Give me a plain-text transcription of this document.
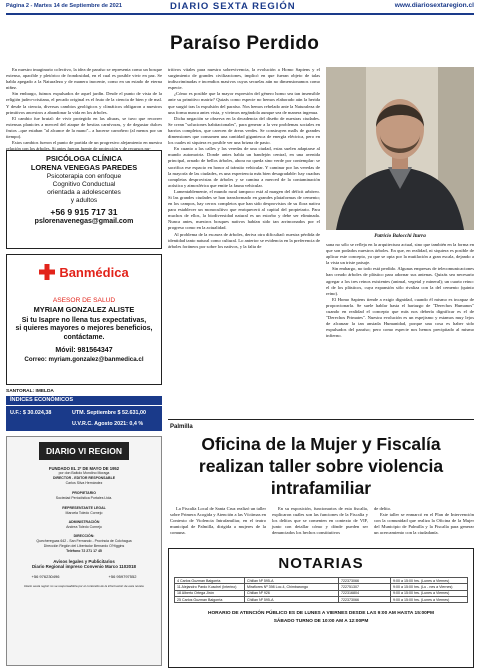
Página 2 - Martes 14 de Septiembre de 2021	DIARIO SEXTA REGIÓN	www.diariosextaregion.cl
Paraíso Perdido

En nuestro imaginario colectivo, la idea de paraíso se representa como un bosque extenso, apacible y pletórico de frondosidad, en el cual es posible vivir en paz. Se habla apegado a la Naturaleza y de manera inocente, como en un estado de eterna niñez.

Sin embargo, fuimos expulsados de aquel jardín. Desde el punto de vista de la religión judeo-cristiana, el pecado original es el fruto de la ciencia de bien y de mal. Y desde la ciencia, diversas cambios geológicos y climáticos obligaron a nuestros primitivos ancestros a abandonar la vida en los árboles.

El cambio fue brutal: de vivir protegido en las alturas, se tuvo que recorrer extensas planicies a merced del ataque de bestias carnívoras, y de degustar dulces frutos –que estaban "al alcance de la mano"– a hacerse carroñero (al menos por un tiempo).

Estos cambios fueron el punto de partida de un progresivo alejamiento en nuestra relación con los árboles. Si antes fueron fuente de protección y de recursos nu-

tritivos vitales para nuestra sobrevivencia, la evolución a Homo Sapiens y el surgimiento de grandes civilizaciones, implicó en que fueran objeto de talas indiscriminadas e incendios masivos cuyas secuelas aún no dimensionamos como especie.

¿Cómo es posible que la mayor expresión del género homo sea tan insensible ante su primitivo matriz? Quizás como especie no hemos elaborado aún la herida que surgió tras la expulsión del paraíso. Nos hemos rebelado ante la Naturaleza de una forma nunca antes vista, y vivimos negándola aunque sea de manera ingenua.

Dicha negación se observa en la decadencia del diseño de nuestras ciudades. Se crean "soluciones habitacionales", para generar a la vez problemas sociales en barrios completos, que carecen de áreas verdes. Se construyen malls de grandes dimensiones que consumen una cantidad gigantesca de energía eléctrica, pero en los cuales ni siquiera es posible ver una brizna de pasto.

En cuanto a las calles y las veredas de una ciudad, estas suelen adaptarse al mundo automotriz. Donde antes había un bandejón central, en una avenida principal, ornado de bellos árboles, ahora no queda sino verde por contemplar: se sacrifica ese espacio en honor al tránsito vehicular. Y caminar por las veredas de la mayoría de las ciudades, es una experiencia más bien desagradable: hay cuadras completas desprovistas de árboles y se camina a merced de la contaminación acústica y atmosférica que emite la fauna vehicular.

Lamentablemente, el mundo rural tampoco está al margen del déficit arbóreo. Si las grandes ciudades se han transformado en grandes plataformas de cemento; en los campos, hay cerros completos que han sido desprovistos de su flora nativa para establecer un monocultivo que enriquecerá al capital del propietario. Para muchos de ellos, la biodiversidad natural es un estorbo y debe ser eliminada. Nunca antes, nuestros bosques nativos habían sido tan arrinconados por el progreso como en la actualidad.

Al problema de la escasez de árboles, deriva otra dificultad: nuestra pérdida de identidad tanto natural como cultural. Lo anterior se evidencia en la preferencia de árboles foráneos por sobre los nativos, y la falta de

Patricio Balocchi Iturra

sana no sólo se refleja en la arquitectura actual, sino que también en la forma en que son podados nuestros árboles. En que, en realidad, ni siquiera es posible de aplicar este concepto, ya que se opta por la mutilación a gran escala, dejando a la vista un triste paisaje.

Sin embargo, no todo está perdido. Algunas empresas de telecomunicaciones han creado árboles de plástico para adornar sus antenas. Quizás sea necesario agregar a los tres reinos existentes (animal, vegetal y mineral); un cuarto reino: el de los plásticos, cuya expansión sólo rivaliza con la del cemento (quinto reino).

El Homo Sapiens tiende a exigir dignidad, cuando él mismo es incapaz de proporcionarla. Se suele hablar hasta el hartazgo de "Derechos Humanos" cuando en realidad el concepto que más nos debería dignificar es el de "Derechos Primates". Nuestra evolución es un espejismo y estamos muy lejos de alcanzar la tan ansiada Humanidad, porque una cosa es haber sido expulsados del paraíso; pero como especie nos hemos precipitado al mismo infierno.

PSICÓLOGA CLÍNICA
LORENA VENEGAS PAREDES
Psicoterapia con enfoque
Cognitivo Conductual
orientada a adolescentes
y adultos
+56 9 915 717 31
pslorenavenegas@gmail.com
Banmédica
ASESOR DE SALUD
MYRIAM GONZALEZ ALISTE
Si tu Isapre no llena tus expectativas,
si quieres mayores o mejores beneficios,
contáctame.
Móvil: 981564347
Correo: myriam.gonzalez@banmedica.cl
SANTORAL: IMELDA
ÍNDICES ECONÓMICOS
U.F.: $ 30.024,38	UTM. Septiembre $ 52.631,00
U.V.R.C. Agosto 2021: 0,4 %
DIARIO VI REGION
FUNDADO EL 2º DE MAYO DE 1952
por don Baltolo Mondino Moraga
DIRECTOR - EDITOR RESPONSABLE
Carlos Silva Hernández
PROPIETARIO
Sociedad Periodística Portales Ltda.
REPRESENTANTE LEGAL
Marcela Toledo Cornejo
ADMINISTRACIÓN
Andrea Toledo Cornejo
DIRECCIÓN:
Quechereguas 642 - San Fernando - Provincia de Colchagua
Dirección Región del Libertador Bernardo O'Higgins
Teléfono 72 271 17 45
Avisos legales y Publicitarios
Diario Regional impreso Convenio Marco 1102018
+56 976230496	+56 959797552
Diario sexta región no se responsabiliza por el contenido de la información de esta revista
Palmilla
Oficina de la Mujer y Fiscalía
realizan taller sobre violencia
intrafamiliar

La Fiscalía Local de Santa Cruz realizó un taller sobre Primera Acogida y Atención a las Víctimas en Contexto de Violencia Intrafamiliar, en el teatro municipal de Palmilla, dirigida a mujeres de la comuna.

En su exposición, funcionarios de esta fiscalía, explicaron cuáles son las funciones de la Fiscalía y los delitos que se comenten en contexto de VIF, junto con detallar cómo y dónde pueden ser denunciados los hechos constitutivos

de delito.

Este taller se enmarcó en el Plan de Intervención con la comunidad que realiza la Oficina de la Mujer del Municipio de Palmilla y la Fiscalía para generar un acercamiento con la ciudadanía.

NOTARIAS
4 Carlos Guzman Baigorria	Chillan Nº 595-A	722373066	9:00 a 15:00 hrs. (Lunes a Viernes)
11 Alejandro Pardo Kuschel (Interino)	Miraflores Nº 398 Loc.4, Chimbarongo	722751307	9:00 a 15:00 hrs. (Lu - nes a Viernes)
18 Alberto Ortega Jirón	Chillan Nº 926	722316804	9:00 a 15:00 hrs. (Lunes a Viernes)
25 Carlos Guzman Baigorria	Chillan Nº 595-A	722373066	9:00 a 15:00 hrs. (Lunes a Viernes)
HORARIO DE ATENCIÓN PÚBLICO ES DE LUNES A VIERNES DESDE LAS 9:00 AM HASTA 15:00PM
SÁBADO TURNO DE 10:00 AM A 12:00PM
